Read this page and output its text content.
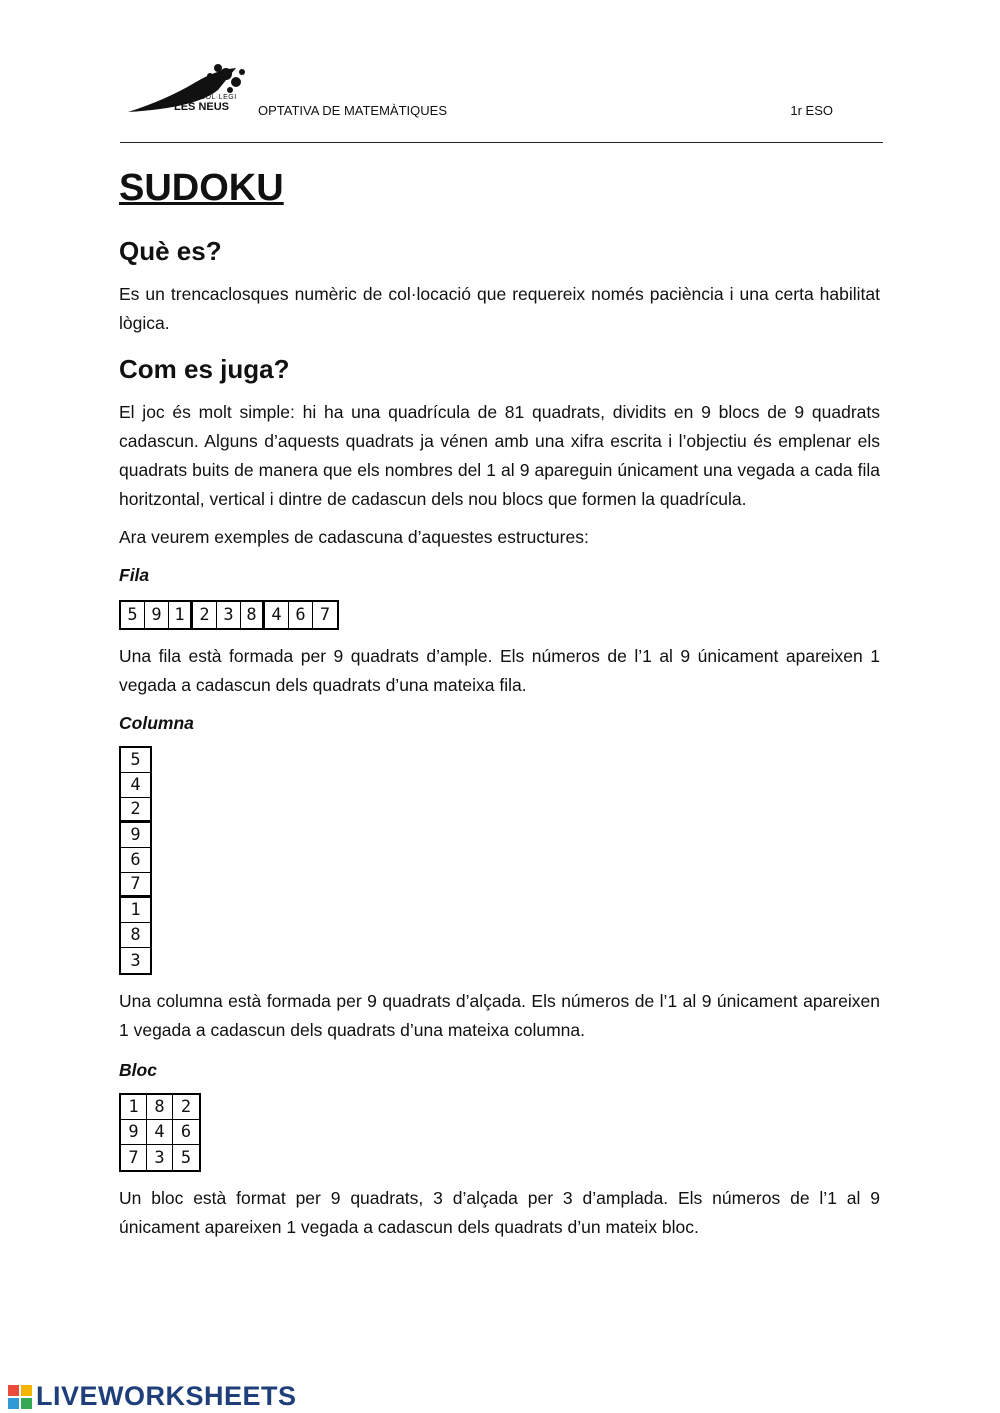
COL·LEGI
LES NEUS OPTATIVA DE MATEMÀTIQUES	1r ESO
SUDOKU
Què es?

Es un trencaclosques numèric de col·locació que requereix només paciència i una certa habilitat lògica.

Com es juga?

El joc és molt simple: hi ha una quadrícula de 81 quadrats, dividits en 9 blocs de 9 quadrats cadascun. Alguns d’aquests quadrats ja vénen amb una xifra escrita i l’objectiu és emplenar els quadrats buits de manera que els nombres del 1 al 9 apareguin únicament una vegada a cada fila horitzontal, vertical i dintre de cadascun dels nou blocs que formen la quadrícula.

Ara veurem exemples de cadascuna d’aquestes estructures:

Fila
5 9 1 2 3 8 4 6 7

Una fila està formada per 9 quadrats d’ample. Els números de l’1 al 9 únicament apareixen 1 vegada a cadascun dels quadrats d’una mateixa fila.

Columna
5
4
2
9
6
7
1
8
3

Una columna està formada per 9 quadrats d’alçada. Els números de l’1 al 9 únicament apareixen 1 vegada a cadascun dels quadrats d’una mateixa columna.

Bloc
1 8 2
9 4 6
7 3 5

Un bloc està format per 9 quadrats, 3 d’alçada per 3 d’amplada. Els números de l’1 al 9 únicament apareixen 1 vegada a cadascun dels quadrats d’un mateix bloc.

LIVEWORKSHEETS
